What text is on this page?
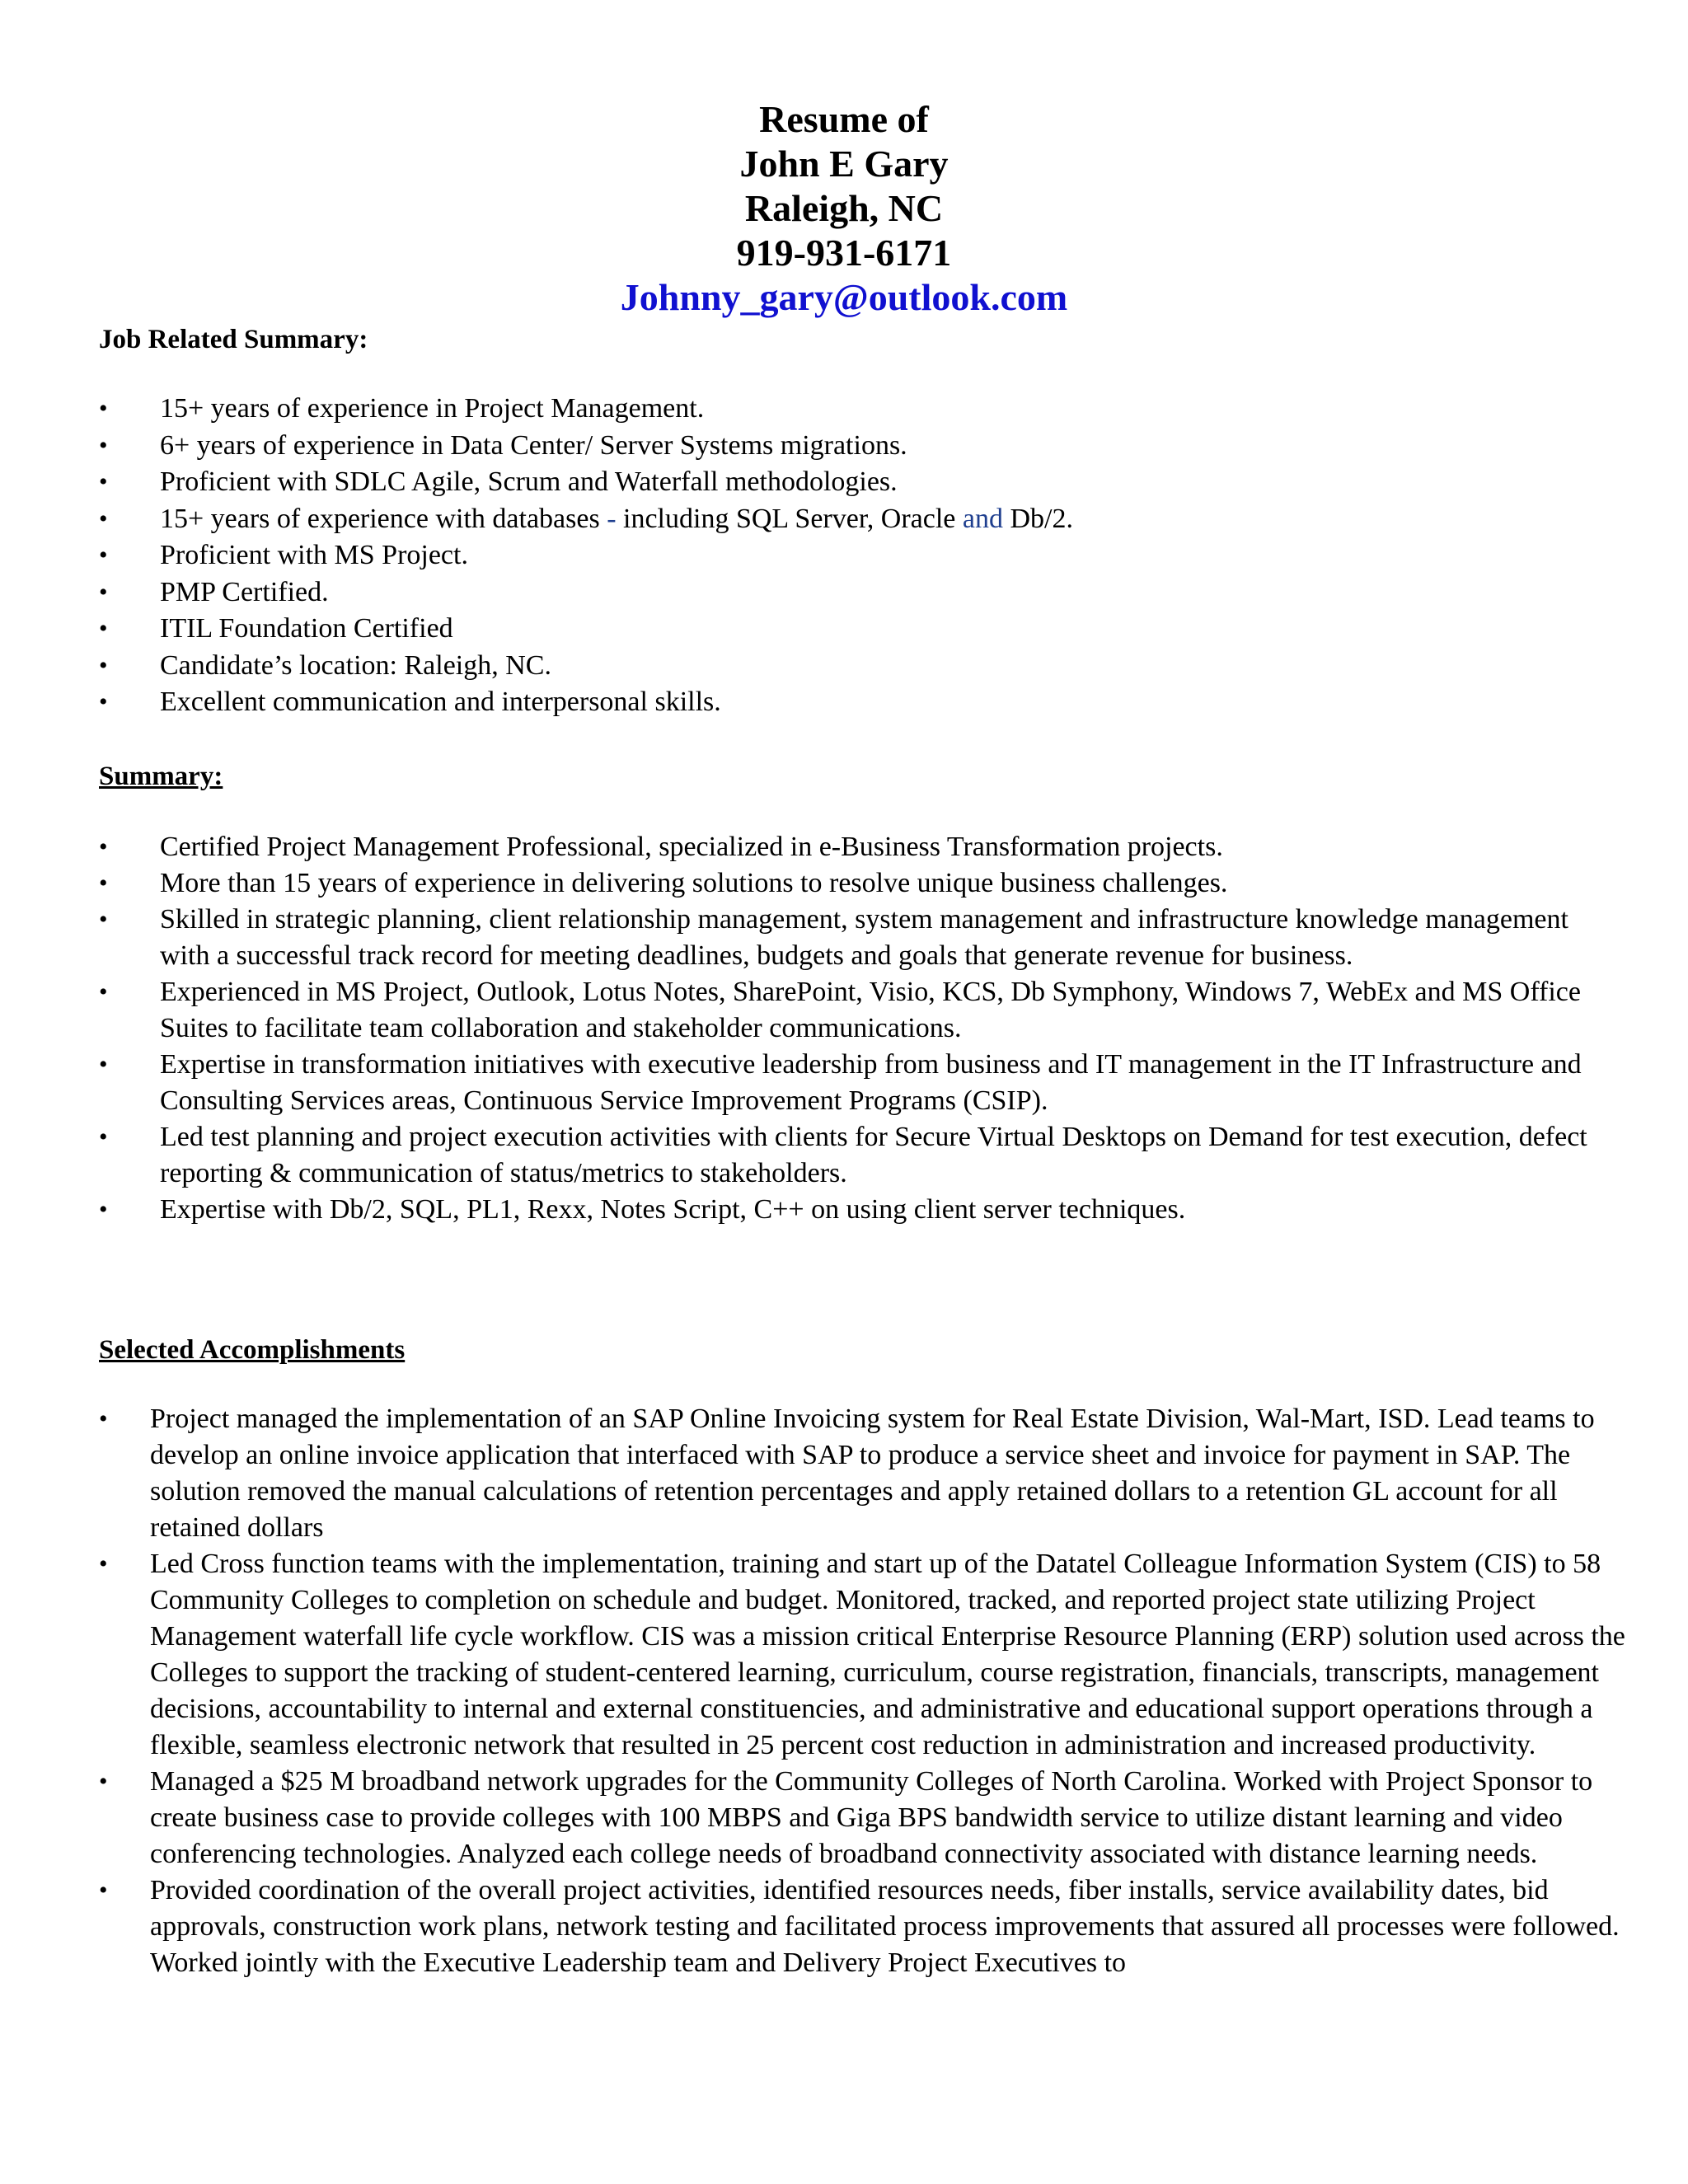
Resume of
John E Gary
Raleigh, NC
919-931-6171
Johnny_gary@outlook.com
Job Related Summary:
• 15+ years of experience in Project Management.
• 6+ years of experience in Data Center/ Server Systems migrations.
• Proficient with SDLC Agile, Scrum and Waterfall methodologies.
• 15+ years of experience with databases - including SQL Server, Oracle and Db/2.
• Proficient with MS Project.
• PMP Certified.
• ITIL Foundation Certified
• Candidate’s location: Raleigh, NC.
• Excellent communication and interpersonal skills.
Summary:
• Certified Project Management Professional, specialized in e-Business Transformation projects.
• More than 15 years of experience in delivering solutions to resolve unique business challenges.
• Skilled in strategic planning, client relationship management, system management and infrastructure knowledge management with a successful track record for meeting deadlines, budgets and goals that generate revenue for business.
• Experienced in MS Project, Outlook, Lotus Notes, SharePoint, Visio, KCS, Db Symphony, Windows 7, WebEx and MS Office Suites to facilitate team collaboration and stakeholder communications.
• Expertise in transformation initiatives with executive leadership from business and IT management in the IT Infrastructure and Consulting Services areas, Continuous Service Improvement Programs (CSIP).
• Led test planning and project execution activities with clients for Secure Virtual Desktops on Demand for test execution, defect reporting & communication of status/metrics to stakeholders.
• Expertise with Db/2, SQL, PL1, Rexx, Notes Script, C++ on using client server techniques.
Selected Accomplishments
• Project managed the implementation of an SAP Online Invoicing system for Real Estate Division, Wal-Mart, ISD. Lead teams to develop an online invoice application that interfaced with SAP to produce a service sheet and invoice for payment in SAP. The solution removed the manual calculations of retention percentages and apply retained dollars to a retention GL account for all retained dollars
• Led Cross function teams with the implementation, training and start up of the Datatel Colleague Information System (CIS) to 58 Community Colleges to completion on schedule and budget. Monitored, tracked, and reported project state utilizing Project Management waterfall life cycle workflow. CIS was a mission critical Enterprise Resource Planning (ERP) solution used across the Colleges to support the tracking of student-centered learning, curriculum, course registration, financials, transcripts, management decisions, accountability to internal and external constituencies, and administrative and educational support operations through a flexible, seamless electronic network that resulted in 25 percent cost reduction in administration and increased productivity.
• Managed a $25 M broadband network upgrades for the Community Colleges of North Carolina. Worked with Project Sponsor to create business case to provide colleges with 100 MBPS and Giga BPS bandwidth service to utilize distant learning and video conferencing technologies. Analyzed each college needs of broadband connectivity associated with distance learning needs.
• Provided coordination of the overall project activities, identified resources needs, fiber installs, service availability dates, bid approvals, construction work plans, network testing and facilitated process improvements that assured all processes were followed. Worked jointly with the Executive Leadership team and Delivery Project Executives to
